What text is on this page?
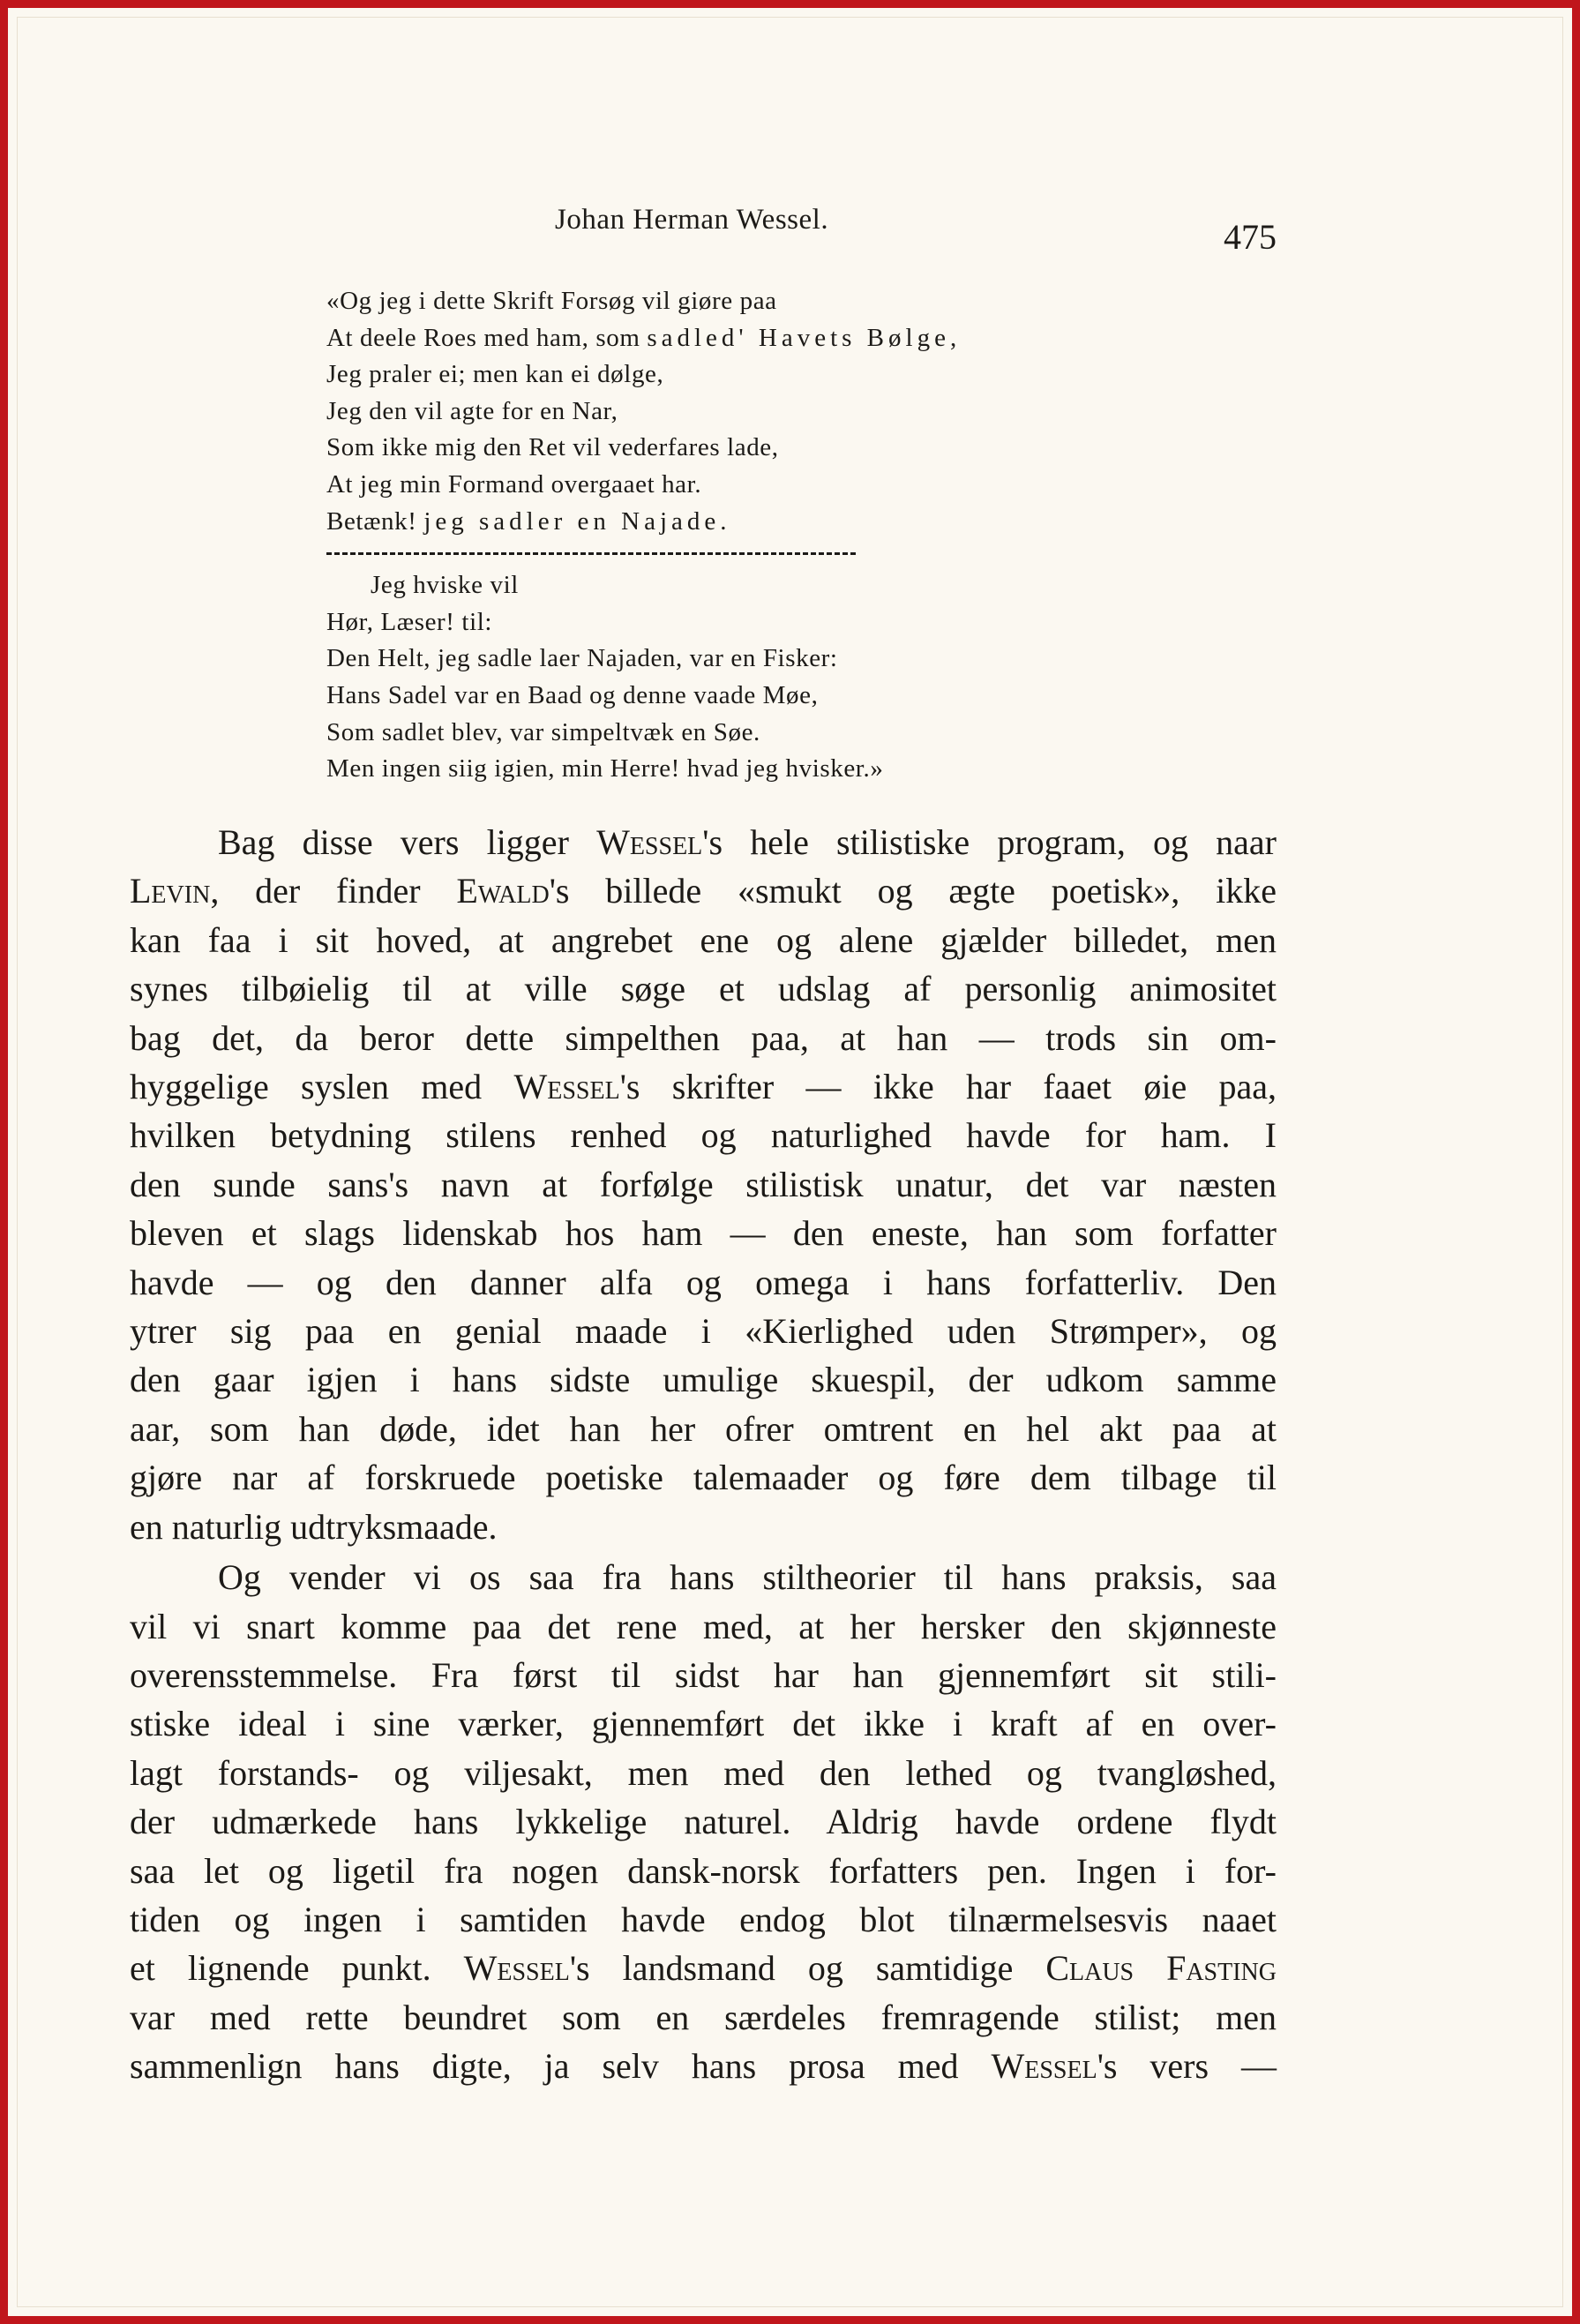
Johan Herman Wessel.	475
«Og jeg i dette Skrift Forsøg vil giøre paa
At deele Roes med ham, som sadled' Havets Bølge,
Jeg praler ei; men kan ei dølge,
Jeg den vil agte for en Nar,
Som ikke mig den Ret vil vederfares lade,
At jeg min Formand overgaaet har.
Betænk! jeg sadler en Najade.
Jeg hviske vil
Hør, Læser! til:
Den Helt, jeg sadle laer Najaden, var en Fisker:
Hans Sadel var en Baad og denne vaade Møe,
Som sadlet blev, var simpeltvæk en Søe.
Men ingen siig igien, min Herre! hvad jeg hvisker.»

Bag disse vers ligger Wessel's hele stilistiske program, og naar
Levin, der finder Ewald's billede «smukt og ægte poetisk», ikke
kan faa i sit hoved, at angrebet ene og alene gjælder billedet, men
synes tilbøielig til at ville søge et udslag af personlig animositet
bag det, da beror dette simpelthen paa, at han — trods sin om-
hyggelige syslen med Wessel's skrifter — ikke har faaet øie paa,
hvilken betydning stilens renhed og naturlighed havde for ham. I
den sunde sans's navn at forfølge stilistisk unatur, det var næsten
bleven et slags lidenskab hos ham — den eneste, han som forfatter
havde — og den danner alfa og omega i hans forfatterliv. Den
ytrer sig paa en genial maade i «Kierlighed uden Strømper», og
den gaar igjen i hans sidste umulige skuespil, der udkom samme
aar, som han døde, idet han her ofrer omtrent en hel akt paa at
gjøre nar af forskruede poetiske talemaader og føre dem tilbage til
en naturlig udtryksmaade.

Og vender vi os saa fra hans stiltheorier til hans praksis, saa
vil vi snart komme paa det rene med, at her hersker den skjønneste
overensstemmelse. Fra først til sidst har han gjennemført sit stili-
stiske ideal i sine værker, gjennemført det ikke i kraft af en over-
lagt forstands- og viljesakt, men med den lethed og tvangløshed,
der udmærkede hans lykkelige naturel. Aldrig havde ordene flydt
saa let og ligetil fra nogen dansk-norsk forfatters pen. Ingen i for-
tiden og ingen i samtiden havde endog blot tilnærmelsesvis naaet
et lignende punkt. Wessel's landsmand og samtidige Claus Fasting
var med rette beundret som en særdeles fremragende stilist; men
sammenlign hans digte, ja selv hans prosa med Wessel's vers —
